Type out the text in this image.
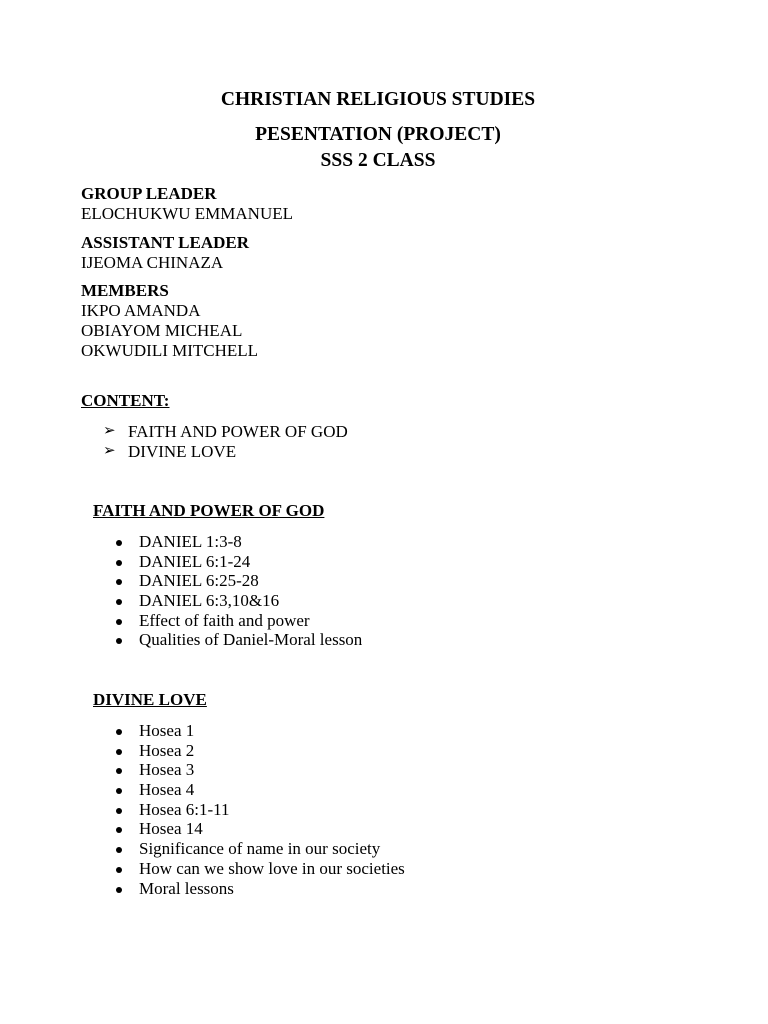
CHRISTIAN RELIGIOUS STUDIES
PESENTATION (PROJECT)
SSS 2 CLASS
GROUP LEADER
ELOCHUKWU EMMANUEL
ASSISTANT LEADER
IJEOMA CHINAZA
MEMBERS
IKPO AMANDA
OBIAYOM MICHEAL
OKWUDILI MITCHELL
CONTENT:
➢ FAITH AND POWER OF GOD
➢ DIVINE LOVE
FAITH AND POWER OF GOD
DANIEL 1:3-8
DANIEL 6:1-24
DANIEL 6:25-28
DANIEL 6:3,10&16
Effect of faith and power
Qualities of Daniel-Moral lesson
DIVINE LOVE
Hosea 1
Hosea 2
Hosea 3
Hosea 4
Hosea 6:1-11
Hosea 14
Significance of name in our society
How can we show love in our societies
Moral lessons
